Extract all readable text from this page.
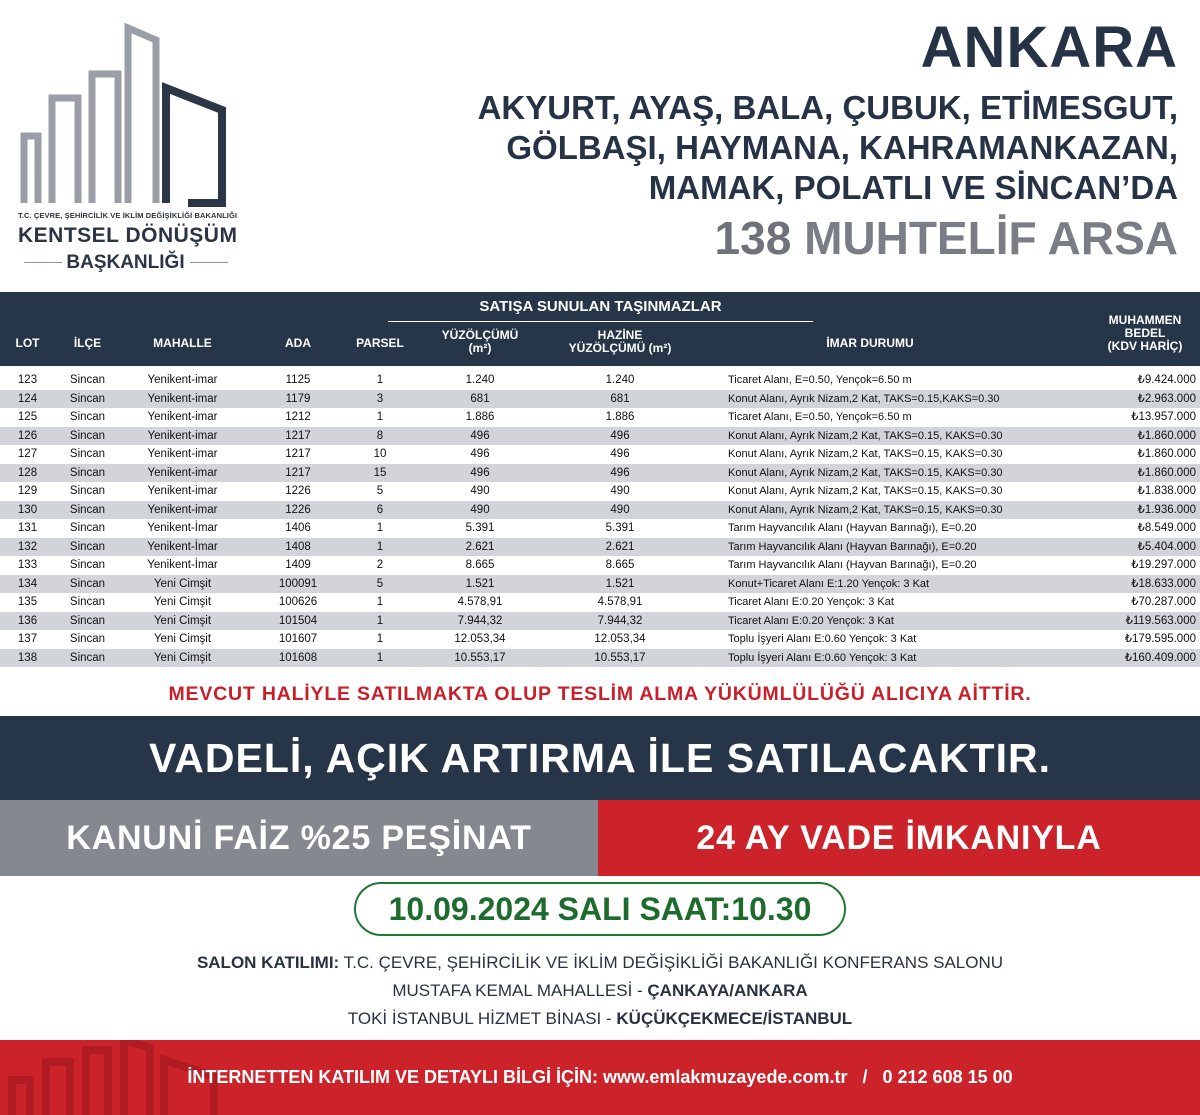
T.C. ÇEVRE, ŞEHİRCİLİK VE İKLİM DEĞİŞİKLİĞİ BAKANLIĞI
KENTSEL DÖNÜŞÜM
BAŞKANLIĞI
ANKARA
AKYURT, AYAŞ, BALA, ÇUBUK, ETİMESGUT,
GÖLBAŞI, HAYMANA, KAHRAMANKAZAN,
MAMAK, POLATLI VE SİNCAN’DA
138 MUHTELİF ARSA
SATIŞA SUNULAN TAŞINMAZLAR
LOT	İLÇE	MAHALLE	ADA	PARSEL
YÜZÖLÇÜMÜ
(m²)
HAZİNE
YÜZÖLÇÜMÜ (m²)	İMAR DURUMU
MUHAMMEN
BEDEL
(KDV HARİÇ)
123	Sincan	Yenikent-imar	1125	1	1.240	1.240	Ticaret Alanı, E=0.50, Yençok=6.50 m	₺9.424.000
124	Sincan	Yenikent-imar	1179	3	681	681	Konut Alanı, Ayrık Nizam,2 Kat, TAKS=0.15,KAKS=0.30	₺2.963.000
125	Sincan	Yenikent-imar	1212	1	1.886	1.886	Ticaret Alanı, E=0.50, Yençok=6.50 m	₺13.957.000
126	Sincan	Yenikent-imar	1217	8	496	496	Konut Alanı, Ayrık Nizam,2 Kat, TAKS=0.15, KAKS=0.30	₺1.860.000
127	Sincan	Yenikent-imar	1217	10	496	496	Konut Alanı, Ayrık Nizam,2 Kat, TAKS=0.15, KAKS=0.30	₺1.860.000
128	Sincan	Yenikent-imar	1217	15	496	496	Konut Alanı, Ayrık Nizam,2 Kat, TAKS=0.15, KAKS=0.30	₺1.860.000
129	Sincan	Yenikent-imar	1226	5	490	490	Konut Alanı, Ayrık Nizam,2 Kat, TAKS=0.15, KAKS=0.30	₺1.838.000
130	Sincan	Yenikent-imar	1226	6	490	490	Konut Alanı, Ayrık Nizam,2 Kat, TAKS=0.15, KAKS=0.30	₺1.936.000
131	Sincan	Yenikent-İmar	1406	1	5.391	5.391	Tarım Hayvancılık Alanı (Hayvan Barınağı), E=0.20	₺8.549.000
132	Sincan	Yenikent-İmar	1408	1	2.621	2.621	Tarım Hayvancılık Alanı (Hayvan Barınağı), E=0.20	₺5.404.000
133	Sincan	Yenikent-İmar	1409	2	8.665	8.665	Tarım Hayvancılık Alanı (Hayvan Barınağı), E=0.20	₺19.297.000
134	Sincan	Yeni Cimşit	100091	5	1.521	1.521	Konut+Ticaret Alanı E:1.20 Yençok: 3 Kat	₺18.633.000
135	Sincan	Yeni Cimşit	100626	1	4.578,91	4.578,91	Ticaret Alanı E:0.20 Yençok: 3 Kat	₺70.287.000
136	Sincan	Yeni Cimşit	101504	1	7.944,32	7.944,32	Ticaret Alanı E:0.20 Yençok: 3 Kat	₺119.563.000
137	Sincan	Yeni Cimşit	101607	1	12.053,34	12.053,34	Toplu İşyeri Alanı E:0.60 Yençok: 3 Kat	₺179.595.000
138	Sincan	Yeni Cimşit	101608	1	10.553,17	10.553,17	Toplu İşyeri Alanı E:0.60 Yençok: 3 Kat	₺160.409.000
MEVCUT HALİYLE SATILMAKTA OLUP TESLİM ALMA YÜKÜMLÜLÜĞÜ ALICIYA AİTTİR.
VADELİ, AÇIK ARTIRMA İLE SATILACAKTIR.
KANUNİ FAİZ %25 PEŞİNAT	24 AY VADE İMKANIYLA
10.09.2024 SALI SAAT:10.30
SALON KATILIMI: T.C. ÇEVRE, ŞEHİRCİLİK VE İKLİM DEĞİŞİKLİĞİ BAKANLIĞI KONFERANS SALONU
MUSTAFA KEMAL MAHALLESİ - ÇANKAYA/ANKARA
TOKİ İSTANBUL HİZMET BİNASI - KÜÇÜKÇEKMECE/İSTANBUL
İNTERNETTEN KATILIM VE DETAYLI BİLGİ İÇİN: www.emlakmuzayede.com.tr / 0 212 608 15 00
